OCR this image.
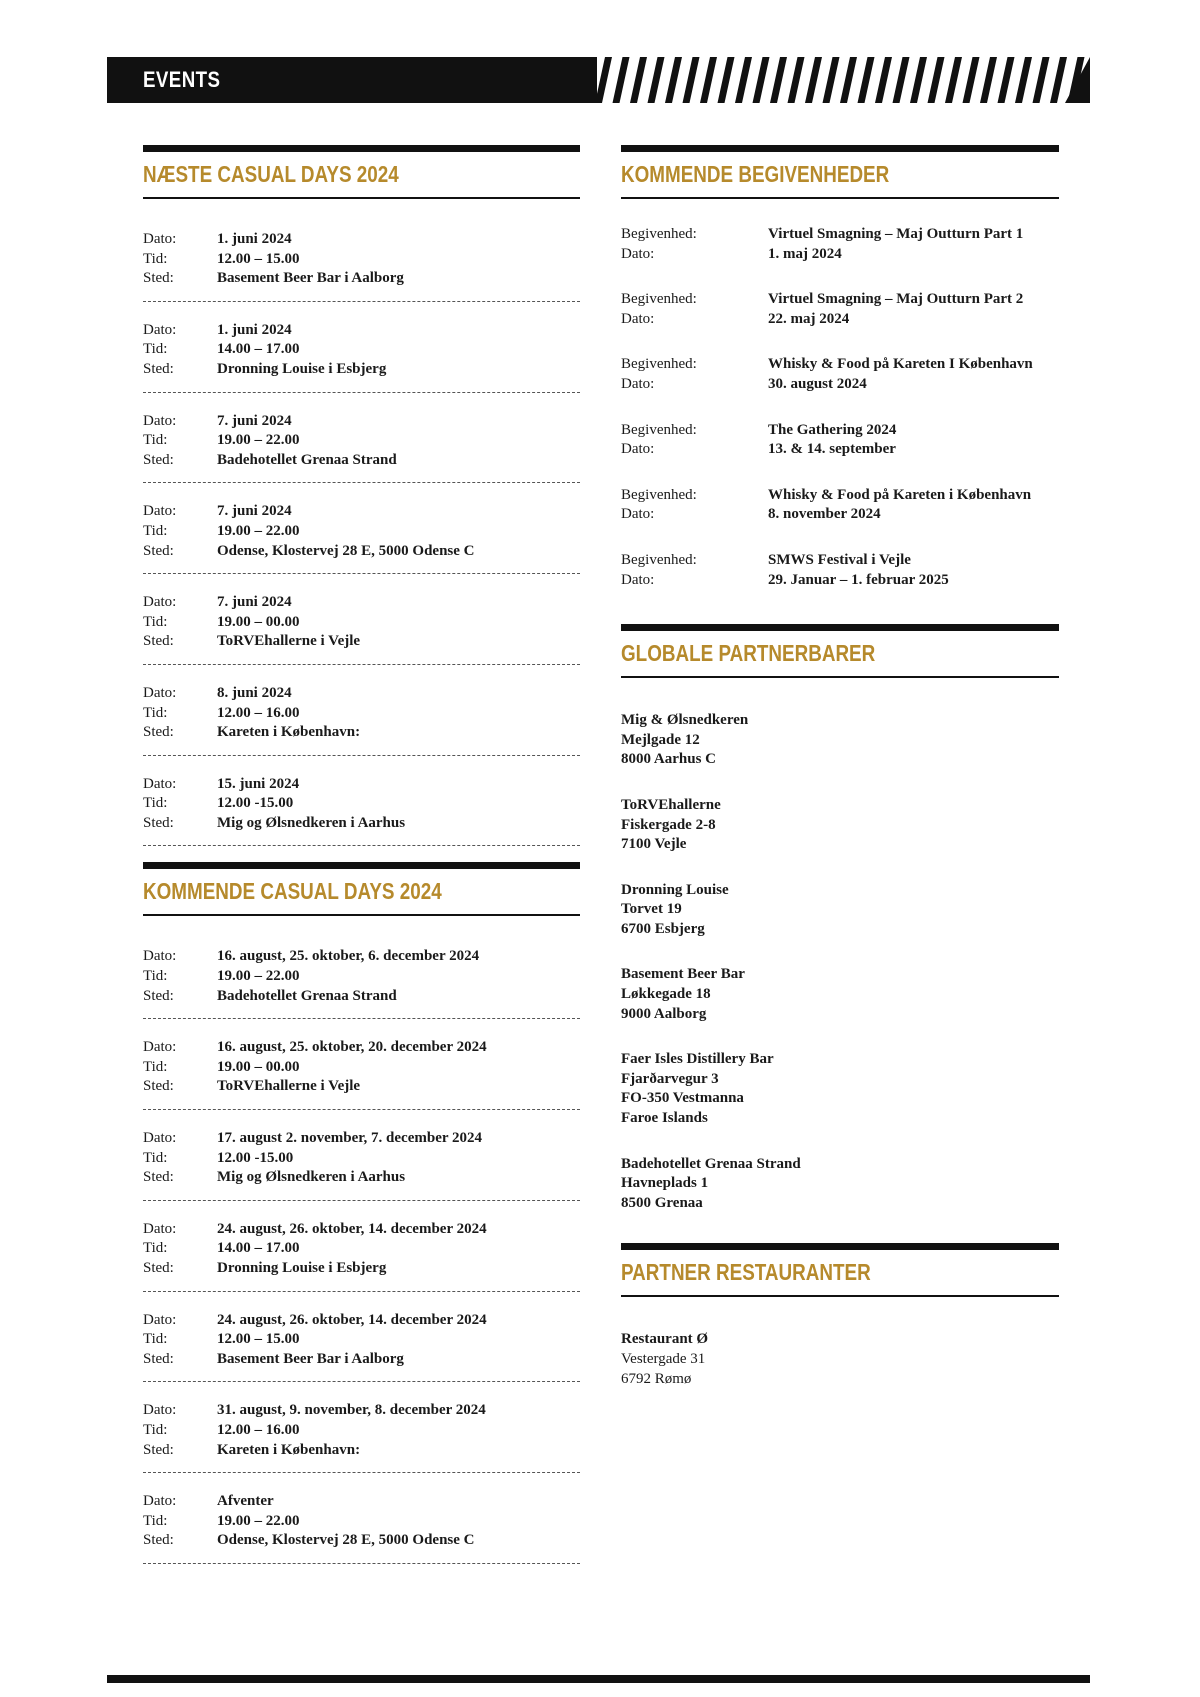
EVENTS
NÆSTE CASUAL DAYS 2024
Dato:	1. juni 2024
Tid:	12.00 – 15.00
Sted:	Basement Beer Bar i Aalborg
Dato:	1. juni 2024
Tid:	14.00 – 17.00
Sted:	Dronning Louise i Esbjerg
Dato:	7. juni 2024
Tid:	19.00 – 22.00
Sted:	Badehotellet Grenaa Strand
Dato:	7. juni 2024
Tid:	19.00 – 22.00
Sted:	Odense, Klostervej 28 E, 5000 Odense C
Dato:	7. juni 2024
Tid:	19.00 – 00.00
Sted:	ToRVEhallerne i Vejle
Dato:	8. juni 2024
Tid:	12.00 – 16.00
Sted:	Kareten i København:
Dato:	15. juni 2024
Tid:	12.00 -15.00
Sted:	Mig og Ølsnedkeren i Aarhus
KOMMENDE CASUAL DAYS 2024
Dato:	16. august, 25. oktober, 6. december 2024
Tid:	19.00 – 22.00
Sted:	Badehotellet Grenaa Strand
Dato:	16. august, 25. oktober, 20. december 2024
Tid:	19.00 – 00.00
Sted:	ToRVEhallerne i Vejle
Dato:	17. august 2. november, 7. december 2024
Tid:	12.00 -15.00
Sted:	Mig og Ølsnedkeren i Aarhus
Dato:	24. august, 26. oktober, 14. december 2024
Tid:	14.00 – 17.00
Sted:	Dronning Louise i Esbjerg
Dato:	24. august, 26. oktober, 14. december 2024
Tid:	12.00 – 15.00
Sted:	Basement Beer Bar i Aalborg
Dato:	31. august, 9. november, 8. december 2024
Tid:	12.00 – 16.00
Sted:	Kareten i København:
Dato:	Afventer
Tid:	19.00 – 22.00
Sted:	Odense, Klostervej 28 E, 5000 Odense C
KOMMENDE BEGIVENHEDER
Begivenhed:	Virtuel Smagning – Maj Outturn Part 1
Dato:	1. maj 2024
Begivenhed:	Virtuel Smagning – Maj Outturn Part 2
Dato:	22. maj 2024
Begivenhed:	Whisky & Food på Kareten I København
Dato:	30. august 2024
Begivenhed:	The Gathering 2024
Dato:	13. & 14. september
Begivenhed:	Whisky & Food på Kareten i København
Dato:	8. november 2024
Begivenhed:	SMWS Festival i Vejle
Dato:	29. Januar – 1. februar 2025
GLOBALE PARTNERBARER
Mig & Ølsnedkeren
Mejlgade 12
8000 Aarhus C
ToRVEhallerne
Fiskergade 2-8
7100 Vejle
Dronning Louise
Torvet 19
6700 Esbjerg
Basement Beer Bar
Løkkegade 18
9000 Aalborg
Faer Isles Distillery Bar
Fjarðarvegur 3
FO-350 Vestmanna
Faroe Islands
Badehotellet Grenaa Strand
Havneplads 1
8500 Grenaa
PARTNER RESTAURANTER
Restaurant Ø
Vestergade 31
6792 Rømø
